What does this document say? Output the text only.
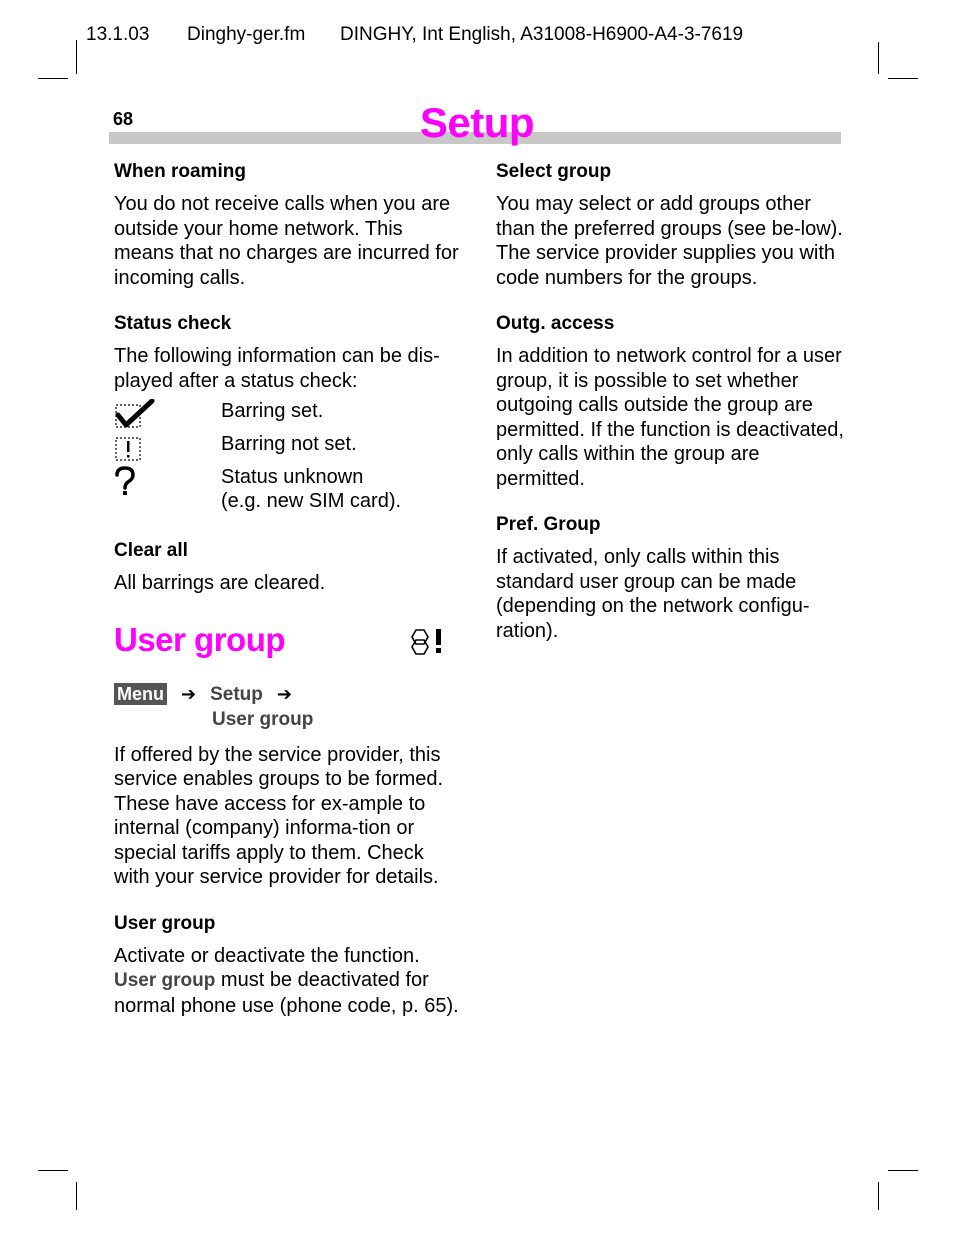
13.1.03 Dinghy-ger.fm DINGHY, Int English, A31008-H6900-A4-3-7619
68	Setup

When roaming

You do not receive calls when you are outside your home network. This means that no charges are incurred for incoming calls.

Status check

The following information can be dis-played after a status check:

Barring set.
Barring not set.
Status unknown
(e.g. new SIM card).

Clear all

All barrings are cleared.

User group

Menu ➔ Setup ➔
User group

If offered by the service provider, this service enables groups to be formed. These have access for ex-ample to internal (company) informa-tion or special tariffs apply to them. Check with your service provider for details.

User group

Activate or deactivate the function.

User group must be deactivated for normal phone use (phone code, p. 65).

Select group

You may select or add groups other than the preferred groups (see be-low). The service provider supplies you with code numbers for the groups.

Outg. access

In addition to network control for a user group, it is possible to set whether outgoing calls outside the group are permitted. If the function is deactivated, only calls within the group are permitted.

Pref. Group

If activated, only calls within this standard user group can be made (depending on the network configu-ration).
